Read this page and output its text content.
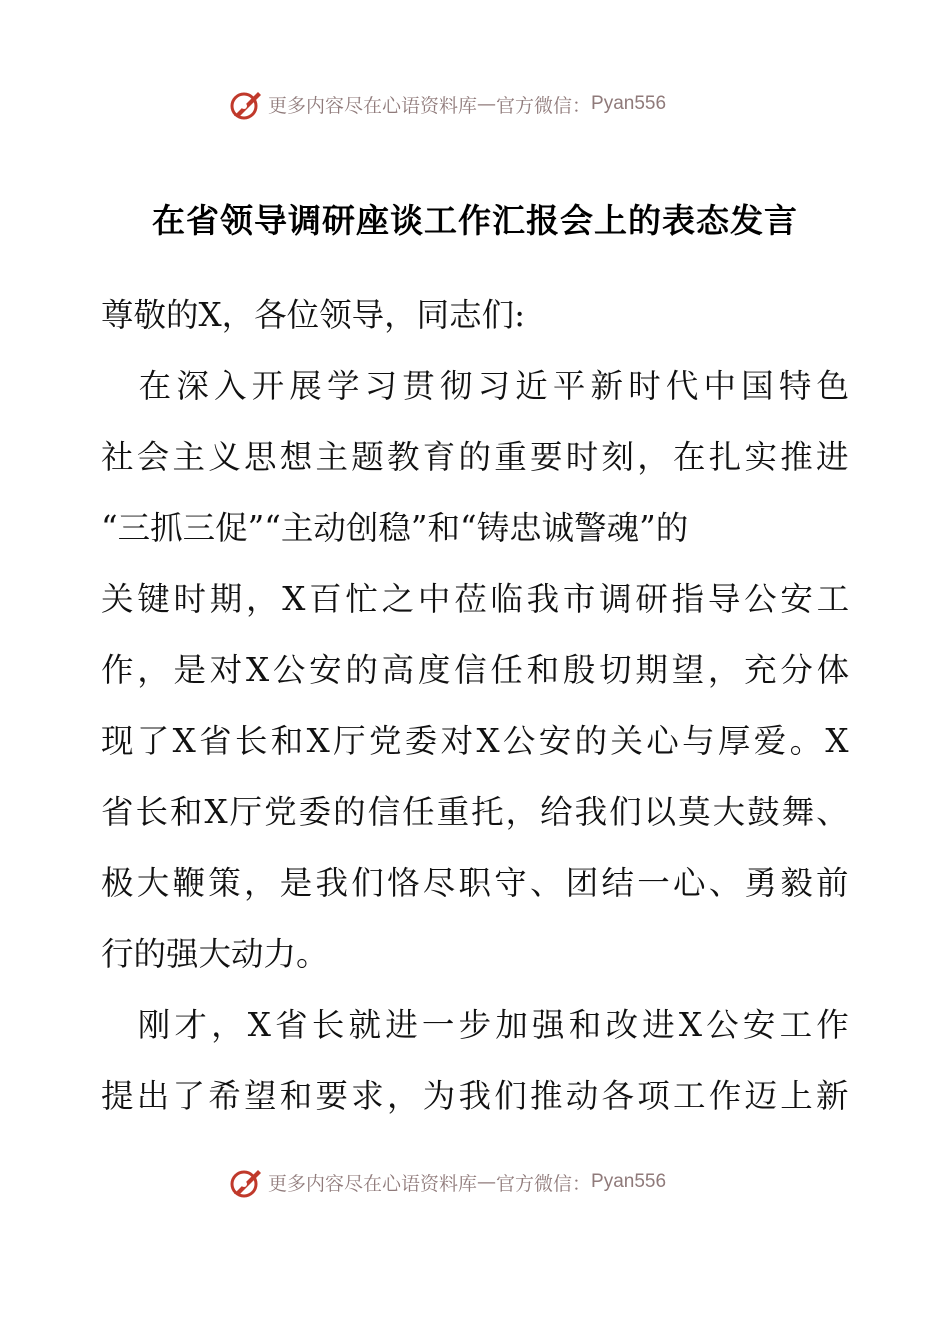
更多内容尽在心语资料库 — 官方微信： Pyan556
在省领导调研座谈工作汇报会上的表态发言
尊敬的X，各位领导，同志们:
　在深入开展学习贯彻习近平新时代中国特色
社会主义思想主题教育的重要时刻，在扎实推进
“三抓三促”“主动创稳”和“铸忠诚警魂”的
关键时期，X百忙之中莅临我市调研指导公安工
作，是对X公安的高度信任和殷切期望，充分体
现了X省长和X厅党委对X公安的关心与厚爱。X
省长和X厅党委的信任重托，给我们以莫大鼓舞、
极大鞭策，是我们恪尽职守、团结一心、勇毅前
行的强大动力。
　刚才，X省长就进一步加强和改进X公安工作
提出了希望和要求，为我们推动各项工作迈上新
更多内容尽在心语资料库 — 官方微信： Pyan556
